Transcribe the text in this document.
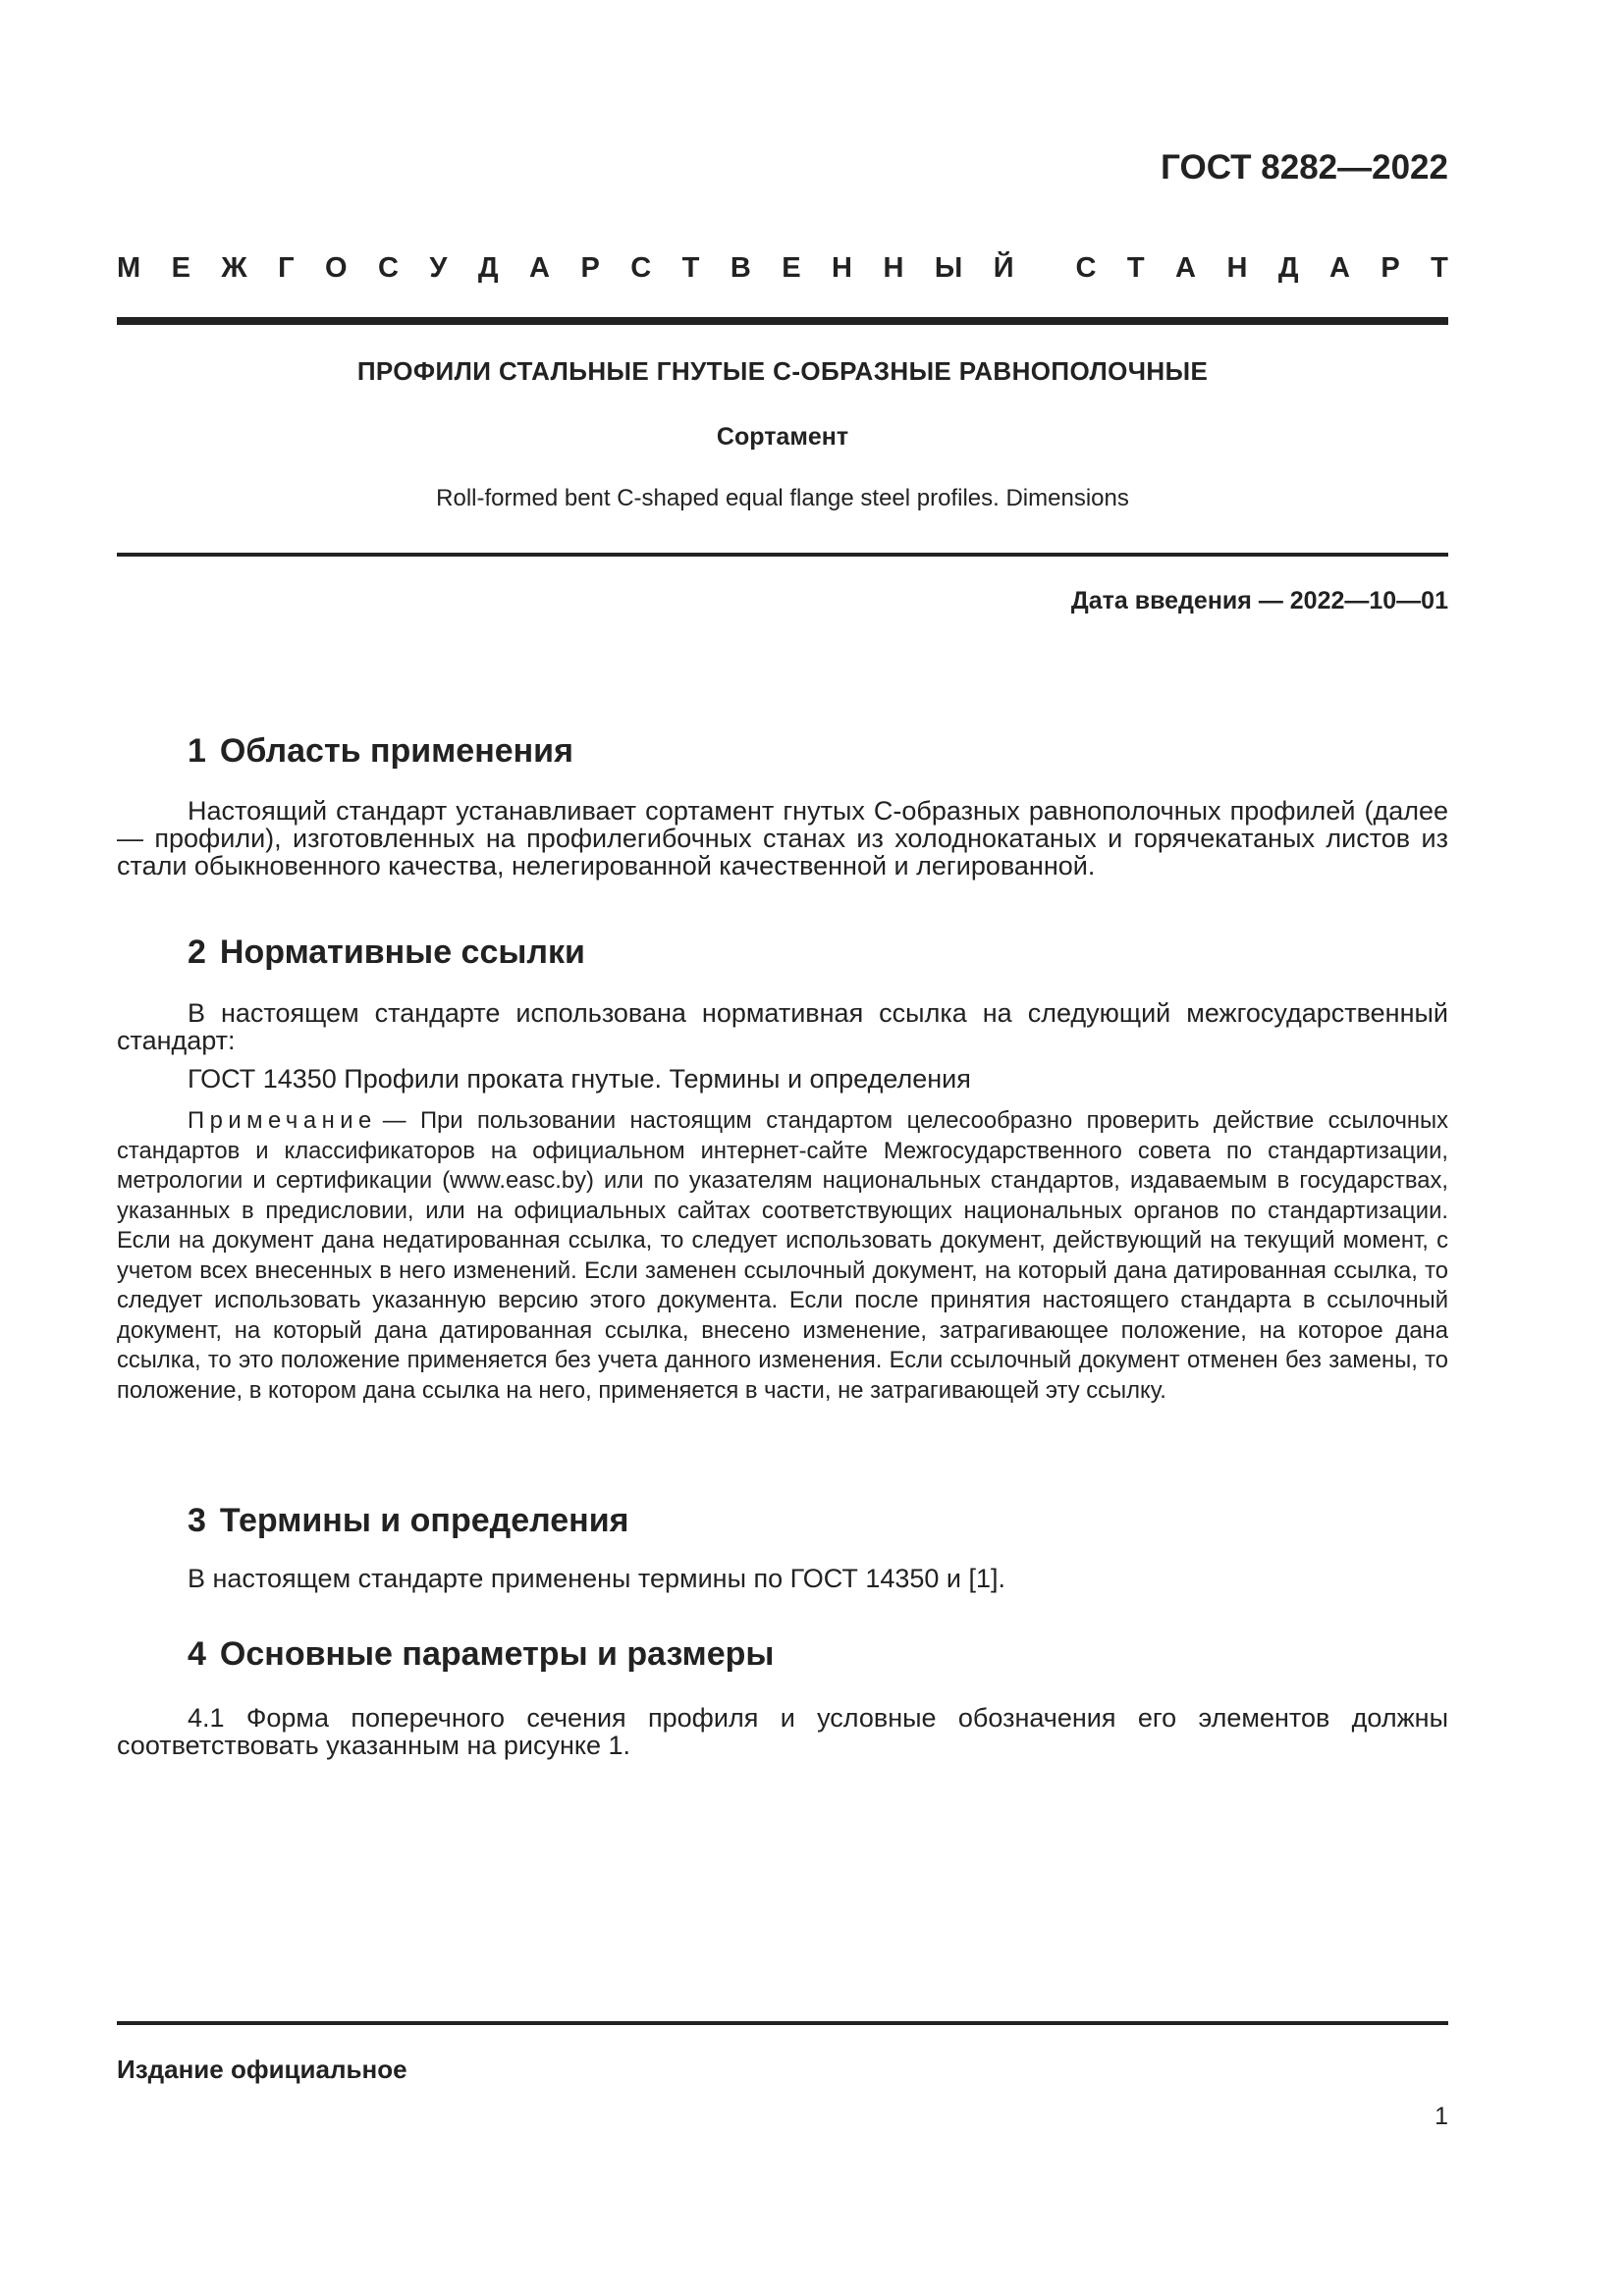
ГОСТ 8282—2022
М Е Ж Г О С У Д А Р С Т В Е Н Н Ы Й С Т А Н Д А Р Т
ПРОФИЛИ СТАЛЬНЫЕ ГНУТЫЕ С-ОБРАЗНЫЕ РАВНОПОЛОЧНЫЕ
Сортамент
Roll-formed bent C-shaped equal flange steel profiles. Dimensions
Дата введения — 2022—10—01
1 Область применения

Настоящий стандарт устанавливает сортамент гнутых С-образных равнополочных профилей (далее — профили), изготовленных на профилегибочных станах из холоднокатаных и горячекатаных листов из стали обыкновенного качества, нелегированной качественной и легированной.

2 Нормативные ссылки

В настоящем стандарте использована нормативная ссылка на следующий межгосударственный стандарт:

ГОСТ 14350 Профили проката гнутые. Термины и определения

Примечание — При пользовании настоящим стандартом целесообразно проверить действие ссылочных стандартов и классификаторов на официальном интернет-сайте Межгосударственного совета по стандартизации, метрологии и сертификации (www.easc.by) или по указателям национальных стандартов, издаваемым в государствах, указанных в предисловии, или на официальных сайтах соответствующих национальных органов по стандартизации. Если на документ дана недатированная ссылка, то следует использовать документ, действующий на текущий момент, с учетом всех внесенных в него изменений. Если заменен ссылочный документ, на который дана датированная ссылка, то следует использовать указанную версию этого документа. Если после принятия настоящего стандарта в ссылочный документ, на который дана датированная ссылка, внесено изменение, затрагивающее положение, на которое дана ссылка, то это положение применяется без учета данного изменения. Если ссылочный документ отменен без замены, то положение, в котором дана ссылка на него, применяется в части, не затрагивающей эту ссылку.

3 Термины и определения

В настоящем стандарте применены термины по ГОСТ 14350 и [1].

4 Основные параметры и размеры

4.1 Форма поперечного сечения профиля и условные обозначения его элементов должны соответствовать указанным на рисунке 1.

Издание официальное
1
